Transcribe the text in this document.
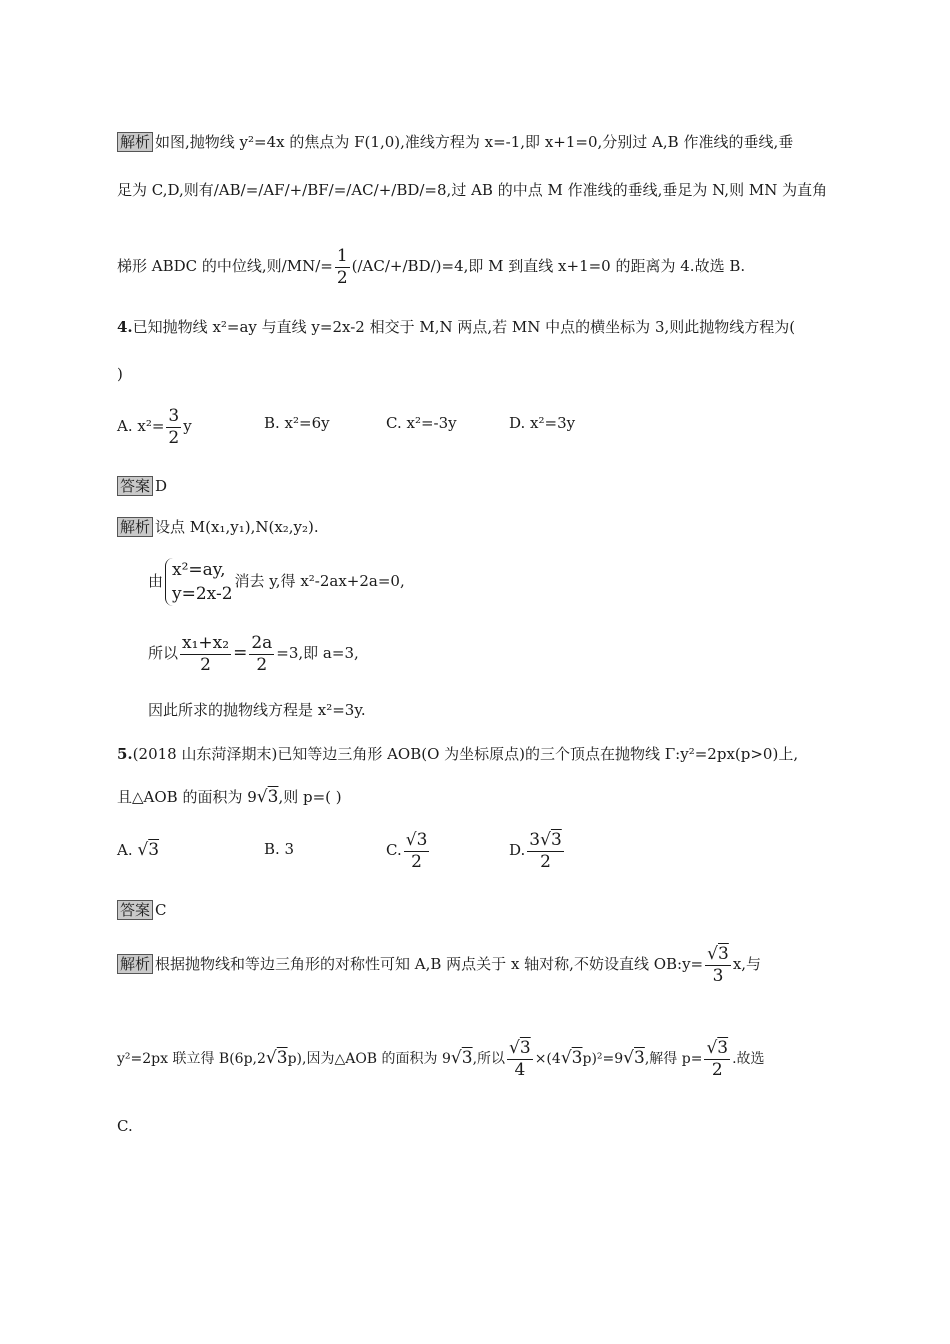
解析 如图,抛物线 y²=4x 的焦点为 F(1,0),准线方程为 x=-1,即 x+1=0,分别过 A,B 作准线的垂线,垂
足为 C,D,则有/AB/=/AF/+/BF/=/AC/+/BD/=8,过 AB 的中点 M 作准线的垂线,垂足为 N,则 MN 为直角
梯形 ABDC 的中位线,则$/MN/= \frac{1}{2} (/AC/+/BD/)=4$,即 M 到直线 x+1=0 的距离为 4.故选 B.
4.已知抛物线 x²=ay 与直线 y=2x-2 相交于 M,N 两点,若 MN 中点的横坐标为 3,则此抛物线方程为(
)
A. $x^2= \frac{3}{2}$ y	B. x²=6y	C. x²=-3y	D. x²=3y
答案 D
解析 设点 M(x₁,y₁),N(x₂,y₂).
由
x²=ay,
y=2x-2
消去 y,得 x²-2ax+2a=0,
所以 $\frac{\text{x₁+x₂}}{2} = \frac{2a}{2} =3$,即 a=3,
因此所求的抛物线方程是 x²=3y.
5.(2018 山东菏泽期末)已知等边三角形 AOB(O 为坐标原点)的三个顶点在抛物线 Γ:y²=2px(p>0)上,
且△AOB 的面积为 9√3,则 p=( )
A. √3	B. 3	C. $\frac{√3}{2}$	D. $\frac{3√3}{2}$
答案 C
解析 根据抛物线和等边三角形的对称性可知 A,B 两点关于 x 轴对称,不妨设直线 OB:y= $\frac{√3}{3} x$,与
y²=2px 联立得 B(6p,2√3p),因为△AOB 的面积为 9√3,所以 $\frac{√3}{4} \times(4√3p)^2=9√3$,解得 $p= \frac{√3}{2}$ .故选
C.
